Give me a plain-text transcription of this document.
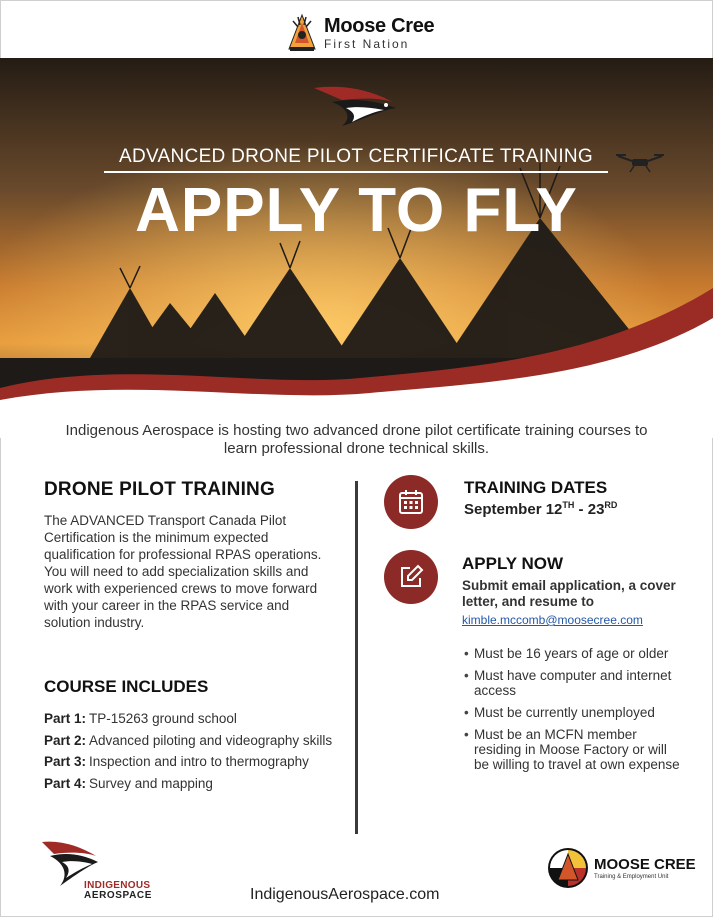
Moose Cree
First Nation
ADVANCED DRONE PILOT CERTIFICATE TRAINING
APPLY TO FLY
Indigenous Aerospace is hosting two advanced drone pilot certificate training courses to learn professional drone technical skills.
DRONE PILOT TRAINING
The ADVANCED Transport Canada Pilot Certification is the minimum expected qualification for professional RPAS operations. You will need to add specialization skills and work with experienced crews to move forward with your career in the RPAS service and solution industry.
COURSE INCLUDES
Part 1: TP-15263 ground school
Part 2: Advanced piloting and videography skills
Part 3: Inspection and intro to thermography
Part 4: Survey and mapping
TRAINING DATES
September 12TH - 23RD
APPLY NOW
Submit email application, a cover letter, and resume to
kimble.mccomb@moosecree.com
• Must be 16 years of age or older
• Must have computer and internet access
• Must be currently unemployed
• Must be an MCFN member residing in Moose Factory or will be willing to travel at own expense
INDIGENOUS
AEROSPACE	IndigenousAerospace.com
MOOSE CREE
Training & Employment Unit
